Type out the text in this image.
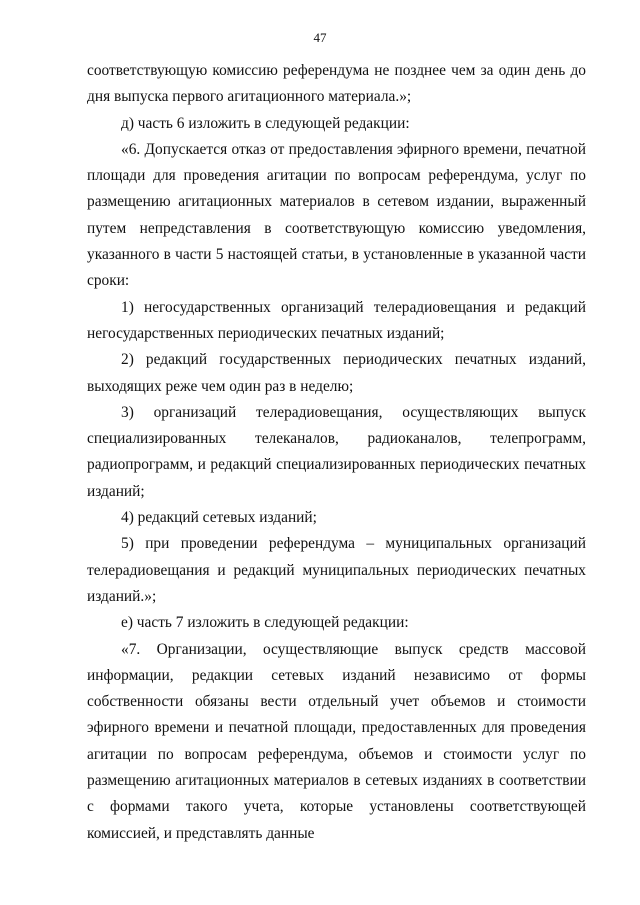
47

соответствующую комиссию референдума не позднее чем за один день до дня выпуска первого агитационного материала.»;

д) часть 6 изложить в следующей редакции:

«6. Допускается отказ от предоставления эфирного времени, печатной площади для проведения агитации по вопросам референдума, услуг по размещению агитационных материалов в сетевом издании, выраженный путем непредставления в соответствующую комиссию уведомления, указанного в части 5 настоящей статьи, в установленные в указанной части сроки:

1) негосударственных организаций телерадиовещания и редакций негосударственных периодических печатных изданий;

2) редакций государственных периодических печатных изданий, выходящих реже чем один раз в неделю;

3) организаций телерадиовещания, осуществляющих выпуск специализированных телеканалов, радиоканалов, телепрограмм, радиопрограмм, и редакций специализированных периодических печатных изданий;

4) редакций сетевых изданий;

5) при проведении референдума – муниципальных организаций телерадиовещания и редакций муниципальных периодических печатных изданий.»;

е) часть 7 изложить в следующей редакции:

«7. Организации, осуществляющие выпуск средств массовой информации, редакции сетевых изданий независимо от формы собственности обязаны вести отдельный учет объемов и стоимости эфирного времени и печатной площади, предоставленных для проведения агитации по вопросам референдума, объемов и стоимости услуг по размещению агитационных материалов в сетевых изданиях в соответствии с формами такого учета, которые установлены соответствующей комиссией, и представлять данные
